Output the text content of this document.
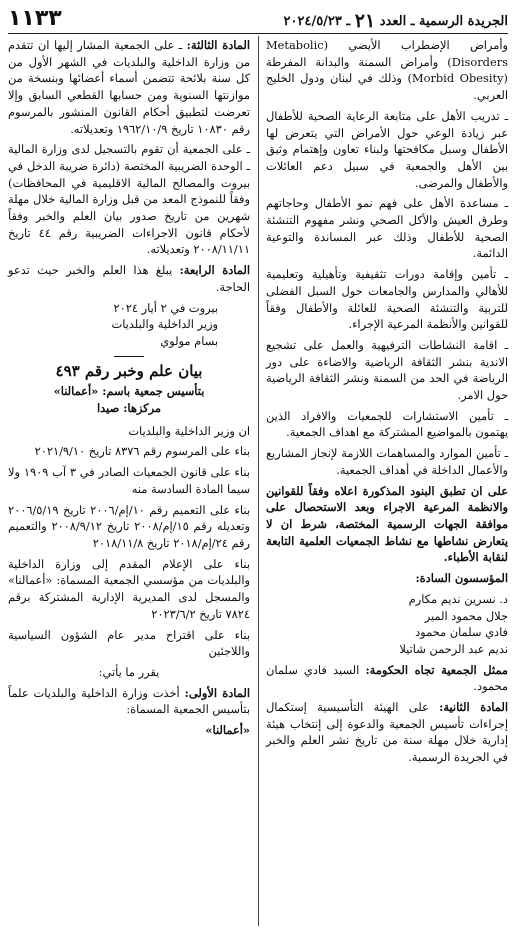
الجريدة الرسمية ـ العدد ٢١ ـ ٢٠٢٤/٥/٢٣
١١٣٣

وأمراض الإضطراب الأيضي (Metabolic Disorders) وأمراض السمنة والبدانة المفرطة (Morbid Obesity) وذلك في لبنان ودول الخليج العربي.

ـ تدريب الأهل على متابعة الرعاية الصحية للأطفال عبر زيادة الوعي حول الأمراض التي يتعرض لها الأطفال وسبل مكافحتها ولبناء تعاون وإهتمام وثيق بين الأهل والجمعية في سبيل دعم العائلات والأطفال والمرضى.

ـ مساعدة الأهل على فهم نمو الأطفال وحاجاتهم وطرق العيش والأكل الصحي ونشر مفهوم التنشئة الصحية للأطفال وذلك عبر المساندة والتوعية الدائمة.

ـ تأمين وإقامة دورات تثقيفية وتأهيلية وتعليمية للأهالي والمدارس والجامعات حول السبل الفضلى للتربية والتنشئة الصحية للعائلة والأطفال وفقاً للقوانين والأنظمة المرعية الإجراء.

ـ اقامة النشاطات الترفيهية والعمل على تشجيع الاندية بنشر الثقافة الرياضية والاضاءة على دور الرياضة في الحد من السمنة ونشر الثقافة الرياضية حول الامر.

ـ تأمين الاستشارات للجمعيات والافراد الذين يهتمون بالمواضيع المشتركة مع اهداف الجمعية.

ـ تأمين الموارد والمساهمات اللازمة لإنجاز المشاريع والأعمال الداخلة في أهداف الجمعية.

على ان تطبق البنود المذكورة اعلاه وفقاً للقوانين والانظمة المرعية الاجراء وبعد الاستحصال على موافقة الجهات الرسمية المختصة، شرط ان لا يتعارض نشاطها مع نشاط الجمعيات العلمية التابعة لنقابة الأطباء.

المؤسسون السادة:

د. نسرين نديم مكارم

جلال محمود المير

فادي سلمان محمود

نديم عبد الرحمن شاتيلا

ممثل الجمعية تجاه الحكومة: السيد فادي سلمان محمود.

المادة الثانية: على الهيئة التأسيسية إستكمال إجراءات تأسيس الجمعية والدعوة إلى إنتخاب هيئة إدارية خلال مهلة سنة من تاريخ نشر العلم والخبر في الجريدة الرسمية.

المادة الثالثة: ـ على الجمعية المشار إليها ان تتقدم من وزارة الداخلية والبلديات في الشهر الأول من كل سنة بلائحة تتضمن أسماء أعضائها وبنسخة من موازنتها السنوية ومن حسابها القطعي السابق وإلا تعرضت لتطبيق أحكام القانون المنشور بالمرسوم رقم ١٠٨٣٠ تاريخ ١٩٦٢/١٠/٩ وتعديلاته.

ـ على الجمعية أن تقوم بالتسجيل لدى وزارة المالية ـ الوحدة الضريبية المختصة (دائرة ضريبة الدخل في بيروت والمصالح المالية الاقليمية في المحافظات) وفقاً للنموذج المعد من قبل وزارة المالية خلال مهلة شهرين من تاريخ صدور بيان العلم والخبر وفقاً لأحكام قانون الاجراءات الضريبية رقم ٤٤ تاريخ ٢٠٠٨/١١/١١ وتعديلاته.

المادة الرابعة: يبلغ هذا العلم والخبر حيث تدعو الحاجة.

بيروت في ٢ أيار ٢٠٢٤
وزير الداخلية والبلديات
بسام مولوي
بيان علم وخبر رقم ٤٩٣
بتأسيس جمعية باسم: «أعمالنا»
مركزها: صيدا

ان وزير الداخلية والبلديات

بناء على المرسوم رقم ٨٣٧٦ تاريخ ٢٠٢١/٩/١٠

بناء على قانون الجمعيات الصادر في ٣ آب ١٩٠٩ ولا سيما المادة السادسة منه

بناء على التعميم رقم ١٠/إم/٢٠٠٦ تاريخ ٢٠٠٦/٥/١٩ وتعديله رقم ١٥/إم/٢٠٠٨ تاريخ ٢٠٠٨/٩/١٢ والتعميم رقم ٢٤/إم/٢٠١٨ تاريخ ٢٠١٨/١١/٨

بناء على الإعلام المقدم إلى وزارة الداخلية والبلديات من مؤسسي الجمعية المسماة: «أعمالنا» والمسجل لدى المديرية الإدارية المشتركة برقم ٧٨٢٤ تاريخ ٢٠٢٣/٦/٢

بناء على اقتراح مدير عام الشؤون السياسية واللاجئين

يقرر ما يأتي:

المادة الأولى: أخذت وزارة الداخلية والبلديات علماً بتأسيس الجمعية المسماة:

«أعمالنا»
